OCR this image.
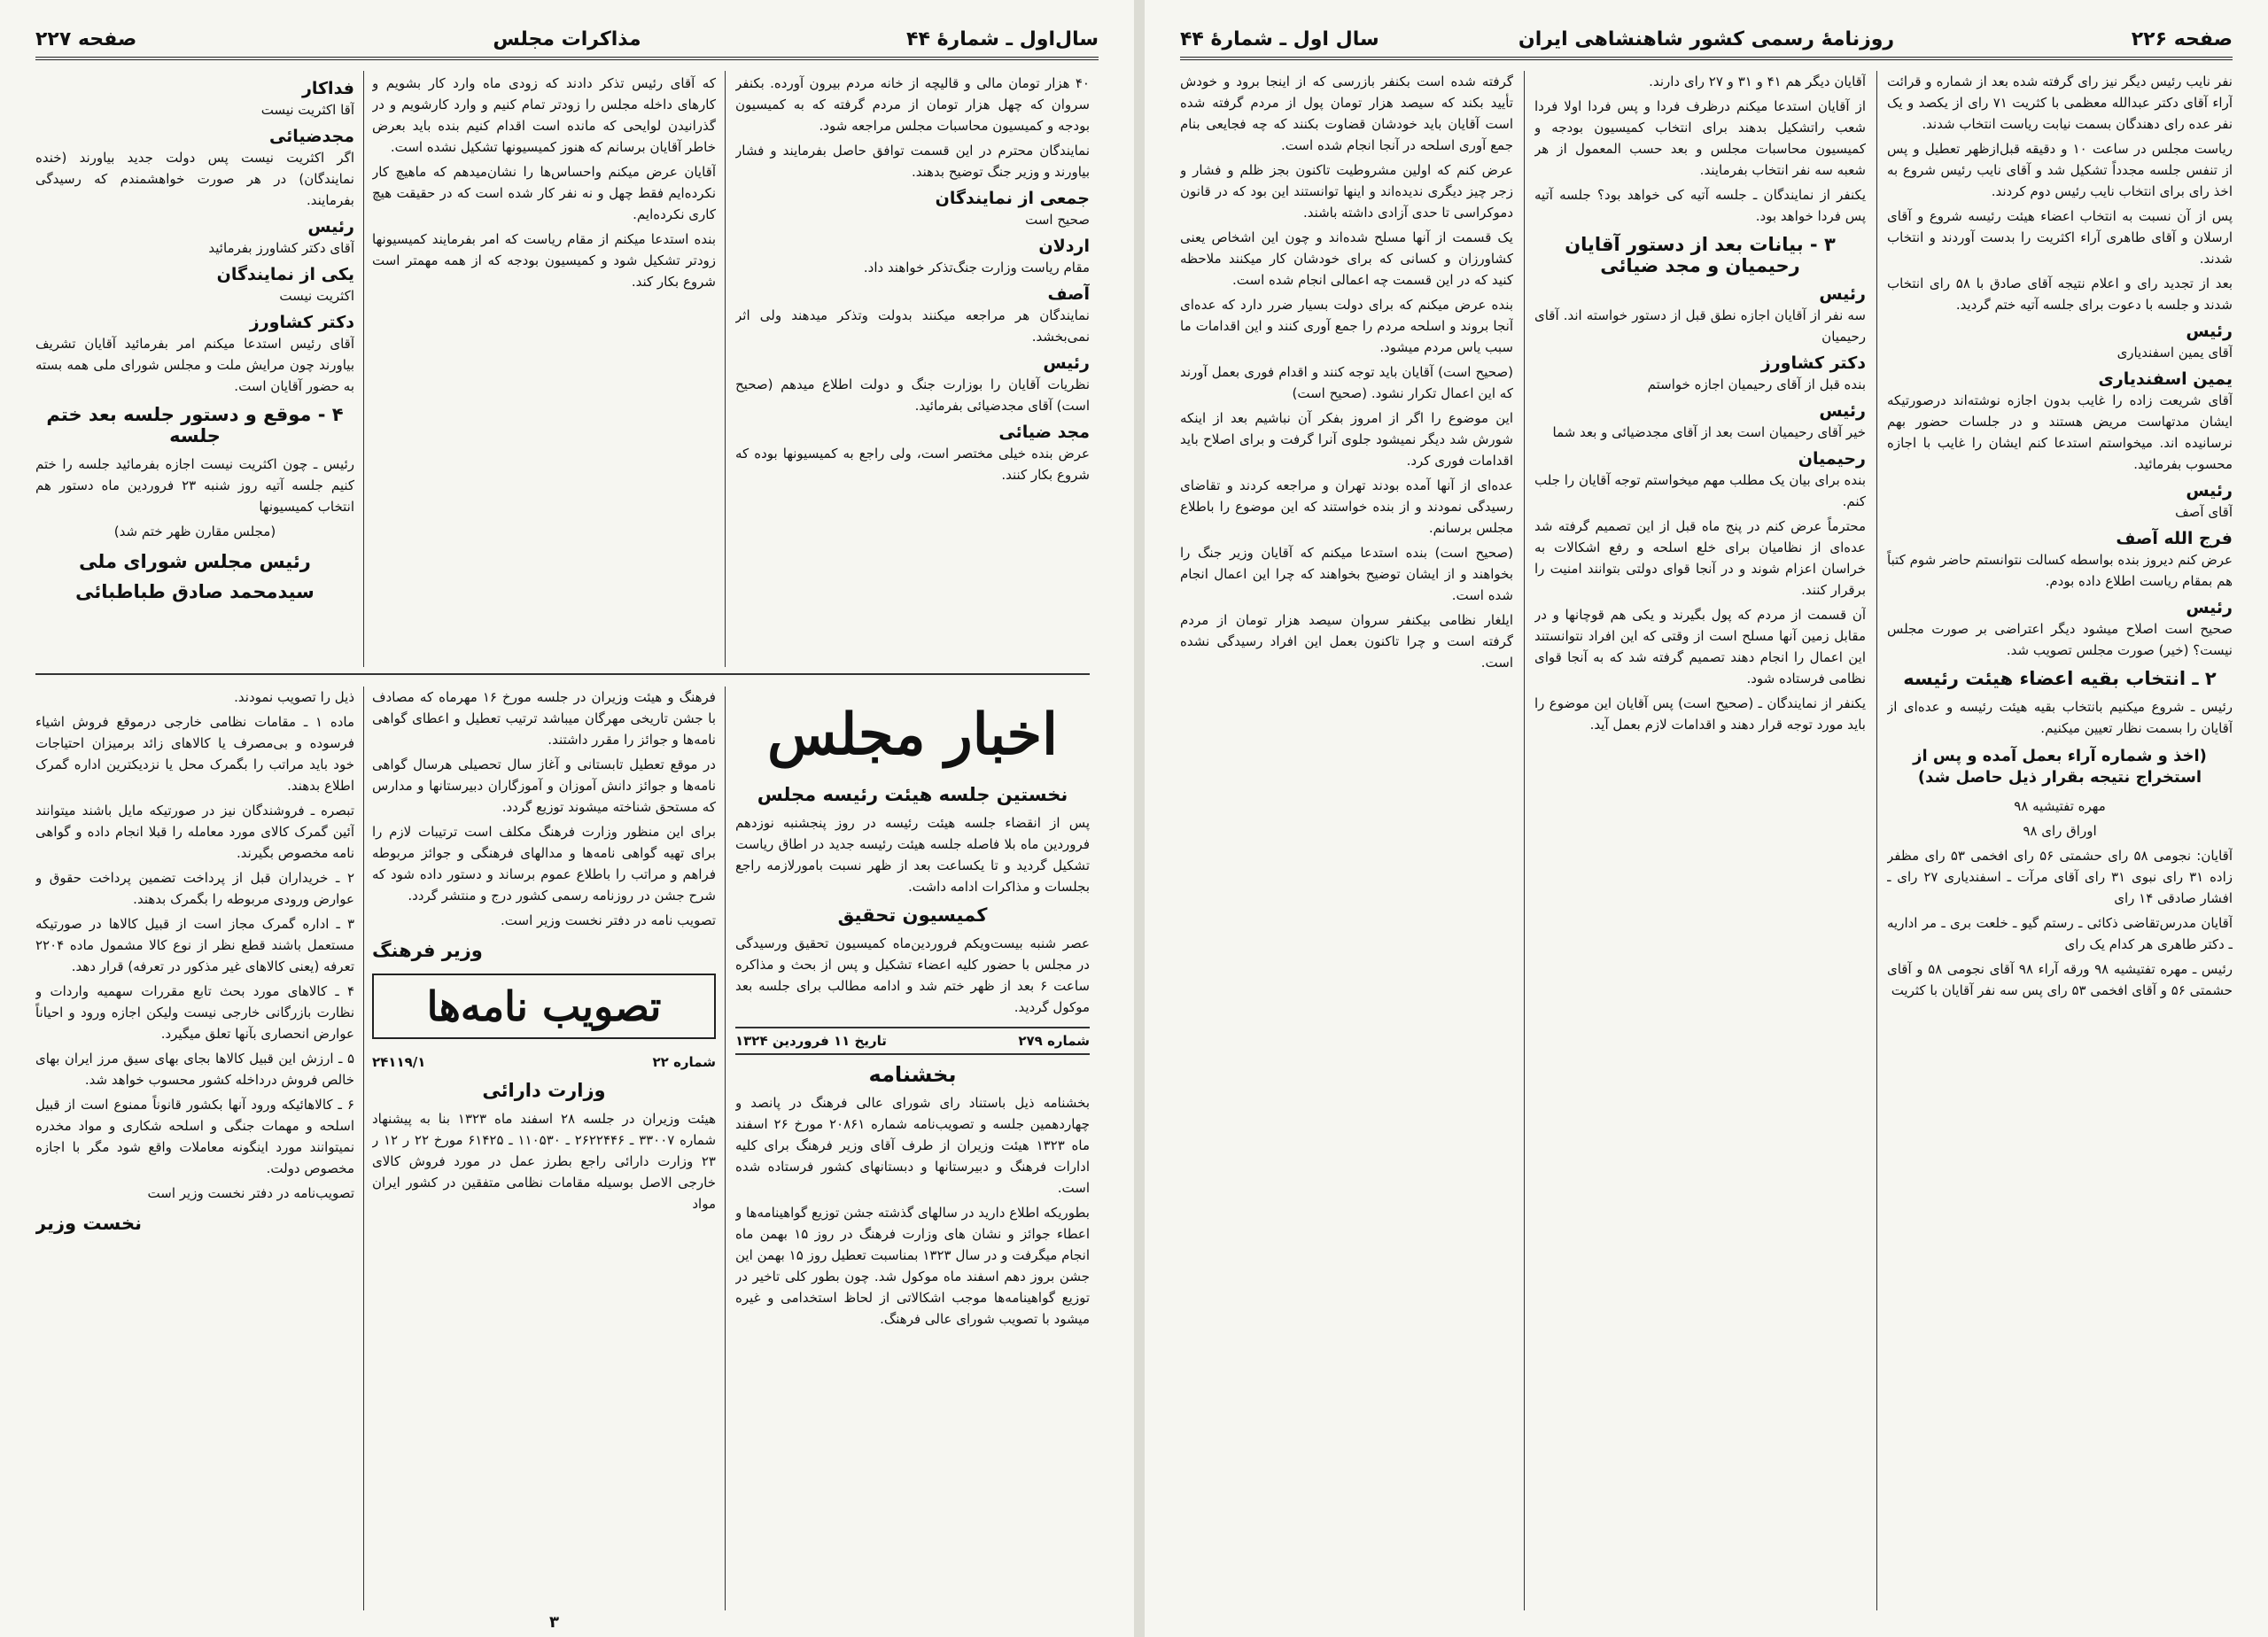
سال‌اول ـ شمارهٔ ۴۴
مذاکرات مجلس
صفحه ۲۲۷

۴۰ هزار تومان مالی و قالیچه از خانه مردم بیرون آورده. بکنفر سروان که چهل هزار تومان از مردم گرفته که به کمیسیون بودجه و کمیسیون محاسبات مجلس مراجعه شود.

نمایندگان محترم در این قسمت توافق حاصل بفرمایند و فشار بیاورند و وزیر جنگ توضیح بدهند.

جمعی از نمایندگان

صحیح است

اردلان

مقام ریاست وزارت جنگ‌تذکر خواهند داد.

آصف

نمایندگان هر مراجعه میکنند بدولت وتذکر میدهند ولی اثر نمی‌بخشد.

رئیس

نظریات آقایان را بوزارت جنگ و دولت اطلاع میدهم (صحیح است) آقای مجدضیائی بفرمائید.

مجد ضیائی

عرض بنده خیلی مختصر است، ولی راجع به کمیسیونها بوده که شروع بکار کنند.

که آقای رئیس تذکر دادند که زودی ماه وارد کار بشویم و کارهای داخله مجلس را زودتر تمام کنیم و وارد کارشویم و در گذرانیدن لوایحی که مانده است اقدام کنیم بنده باید بعرض خاطر آقایان برسانم که هنوز کمیسیونها تشکیل نشده است.

آقایان عرض میکنم واحساس‌ها را نشان‌میدهم که ماهیچ کار نکرده‌ایم فقط چهل و نه نفر کار شده است که در حقیقت هیچ کاری نکرده‌ایم.

بنده استدعا میکنم از مقام ریاست که امر بفرمایند کمیسیونها زودتر تشکیل شود و کمیسیون بودجه که از همه مهمتر است شروع بکار کند.

فداکار

آقا اکثریت نیست

مجدضیائی

اگر اکثریت نیست پس دولت جدید بیاورند (خنده نمایندگان) در هر صورت خواهشمندم که رسیدگی بفرمایند.

رئیس

آقای دکتر کشاورز بفرمائید

یکی از نمایندگان

اکثریت نیست

دکتر کشاورز

آقای رئیس استدعا میکنم امر بفرمائید آقایان تشریف بیاورند چون مرایش ملت و مجلس شورای ملی همه بسته به حضور آقایان است.

۴ - موقع و دستور جلسه بعد ختم جلسه

رئیس ـ چون اکثریت نیست اجازه بفرمائید جلسه را ختم کنیم جلسه آتیه روز شنبه ۲۳ فروردین ماه دستور هم انتخاب کمیسیونها

(مجلس مقارن ظهر ختم شد)

رئیس مجلس شورای ملی
سیدمحمد صادق طباطبائی
اخبار مجلس
نخستین جلسه هیئت رئیسه مجلس

پس از انقضاء جلسه هیئت رئیسه در روز پنجشنبه نوزدهم فروردین ماه بلا فاصله جلسه هیئت رئیسه جدید در اطاق ریاست تشکیل گردید و تا یکساعت بعد از ظهر نسبت بامورلازمه راجع بجلسات و مذاکرات ادامه داشت.

کمیسیون تحقیق

عصر شنبه بیست‌ویکم فروردین‌ماه کمیسیون تحقیق ورسیدگی در مجلس با حضور کلیه اعضاء تشکیل و پس از بحث و مذاکره ساعت ۶ بعد از ظهر ختم شد و ادامه مطالب برای جلسه بعد موکول گردید.

شماره ۲۷۹
تاریخ ۱۱ فروردین ۱۳۲۴
بخشنامه

بخشنامه ذیل باستناد رای شورای عالی فرهنگ در پانصد و چهاردهمین جلسه و تصویب‌نامه شماره ۲۰۸۶۱ مورخ ۲۶ اسفند ماه ۱۳۲۳ هیئت وزیران از طرف آقای وزیر فرهنگ برای کلیه ادارات فرهنگ و دبیرستانها و دبستانهای کشور فرستاده شده است.

بطوریکه اطلاع دارید در سالهای گذشته جشن توزیع گواهینامه‌ها و اعطاء جوائز و نشان های وزارت فرهنگ در روز ۱۵ بهمن ماه انجام میگرفت و در سال ۱۳۲۳ بمناسبت تعطیل روز ۱۵ بهمن این جشن بروز دهم اسفند ماه موکول شد. چون بطور کلی تاخیر در توزیع گواهینامه‌ها موجب اشکالاتی از لحاظ استخدامی و غیره میشود با تصویب شورای عالی فرهنگ.

فرهنگ و هیئت وزیران در جلسه مورخ ۱۶ مهرماه که مصادف با جشن تاریخی مهرگان میباشد ترتیب تعطیل و اعطای گواهی نامه‌ها و جوائز را مقرر داشتند.

در موقع تعطیل تابستانی و آغاز سال تحصیلی هرسال گواهی نامه‌ها و جوائز دانش آموزان و آموزگاران دبیرستانها و مدارس که مستحق شناخته میشوند توزیع گردد.

برای این منظور وزارت فرهنگ مکلف است ترتیبات لازم را برای تهیه گواهی نامه‌ها و مدالهای فرهنگی و جوائز مربوطه فراهم و مراتب را باطلاع عموم برساند و دستور داده شود که شرح جشن در روزنامه رسمی کشور درج و منتشر گردد.

تصویب نامه در دفتر نخست وزیر است.

وزیر فرهنگ
تصویب نامه‌ها
شماره ۲۲
۲۴۱۱۹/۱
وزارت دارائی

هیئت وزیران در جلسه ۲۸ اسفند ماه ۱۳۲۳ بنا به پیشنهاد شماره ۳۳۰۰۷ ـ ۲۶۲۲۴۴۶ ـ ۱۱۰۵۳۰ ـ ۶۱۴۲۵ مورخ ۲۲ ر ۱۲ ر ۲۳ وزارت دارائی راجع بطرز عمل در مورد فروش کالای خارجی الاصل بوسیله مقامات نظامی متفقین در کشور ایران مواد

ذیل را تصویب نمودند.

ماده ۱ ـ مقامات نظامی خارجی درموقع فروش اشیاء فرسوده و بی‌مصرف یا کالاهای زائد برمیزان احتیاجات خود باید مراتب را بگمرک محل یا نزدیکترین اداره گمرک اطلاع بدهند.

تبصره ـ فروشندگان نیز در صورتیکه مایل باشند میتوانند آئین گمرک کالای مورد معامله را قبلا انجام داده و گواهی نامه مخصوص بگیرند.

۲ ـ خریداران قبل از پرداخت تضمین پرداخت حقوق و عوارض ورودی مربوطه را بگمرک بدهند.

۳ ـ اداره گمرک مجاز است از قبیل کالاها در صورتیکه مستعمل باشند قطع نظر از نوع کالا مشمول ماده ۲۲۰۴ تعرفه (یعنی کالاهای غیر مذکور در تعرفه) قرار دهد.

۴ ـ کالاهای مورد بحث تابع مقررات سهمیه واردات و نظارت بازرگانی خارجی نیست ولیکن اجازه ورود و احیاناً عوارض انحصاری بآنها تعلق میگیرد.

۵ ـ ارزش این قبیل کالاها بجای بهای سیق مرز ایران بهای خالص فروش درداخله کشور محسوب خواهد شد.

۶ ـ کالاهائیکه ورود آنها بکشور قانوناً ممنوع است از قبیل اسلحه و مهمات جنگی و اسلحه شکاری و مواد مخدره نمیتوانند مورد اینگونه معاملات واقع شود مگر با اجازه مخصوص دولت.

تصویب‌نامه در دفتر نخست وزیر است

نخست وزیر
۳
صفحه ۲۲۶
روزنامهٔ رسمی کشور شاهنشاهی ایران
سال اول ـ شمارهٔ ۴۴

نفر نایب رئیس دیگر نیز رای گرفته شده بعد از شماره و قرائت آراء آقای دکتر عبدالله معظمی با کثریت ۷۱ رای از یکصد و یک نفر عده رای دهندگان بسمت نیابت ریاست انتخاب شدند.

ریاست مجلس در ساعت ۱۰ و دقیقه قبل‌ازظهر تعطیل و پس از تنفس جلسه مجدداً تشکیل شد و آقای نایب رئیس شروع به اخذ رای برای انتخاب نایب رئیس دوم کردند.

پس از آن نسبت به انتخاب اعضاء هیئت رئیسه شروع و آقای ارسلان و آقای طاهری آراء اکثریت را بدست آوردند و انتخاب شدند.

بعد از تجدید رای و اعلام نتیجه آقای صادق با ۵۸ رای انتخاب شدند و جلسه با دعوت برای جلسه آتیه ختم گردید.

رئیس

آقای یمین اسفندیاری

یمین اسفندیاری

آقای شریعت زاده را غایب بدون اجازه نوشته‌اند درصورتیکه ایشان مدتهاست مریض هستند و در جلسات حضور بهم نرسانیده اند. میخواستم استدعا کنم ایشان را غایب با اجازه محسوب بفرمائید.

رئیس

آقای آصف

فرج الله آصف

عرض کنم دیروز بنده بواسطه کسالت نتوانستم حاضر شوم کتباً هم بمقام ریاست اطلاع داده بودم.

رئیس

صحیح است اصلاح میشود دیگر اعتراضی بر صورت مجلس نیست؟ (خیر) صورت مجلس تصویب شد.

۲ ـ انتخاب بقیه اعضاء هیئت رئیسه

رئیس ـ شروع میکنیم بانتخاب بقیه هیئت رئیسه و عده‌ای از آقایان را بسمت نظار تعیین میکنیم.

(اخذ و شماره آراء بعمل آمده و پس از استخراج نتیجه بقرار ذیل حاصل شد)

مهره تفتیشیه ۹۸

اوراق رای ۹۸

آقایان: نجومی ۵۸ رای حشمتی ۵۶ رای افخمی ۵۳ رای مظفر زاده ۳۱ رای نبوی ۳۱ رای آقای مرآت ـ اسفندیاری ۲۷ رای ـ افشار صادقی ۱۴ رای

آقایان مدرس‌تقاضی ذکائی ـ رستم گیو ـ خلعت بری ـ مر اداریه ـ دکتر طاهری هر کدام یک رای

رئیس ـ مهره تفتیشیه ۹۸ ورقه آراء ۹۸ آقای نجومی ۵۸ و آقای حشمتی ۵۶ و آقای افخمی ۵۳ رای پس سه نفر آقایان با کثریت

آقایان دیگر هم ۴۱ و ۳۱ و ۲۷ رای دارند.

از آقایان استدعا میکنم درظرف فردا و پس فردا اولا فردا شعب راتشکیل بدهند برای انتخاب کمیسیون بودجه و کمیسیون محاسبات مجلس و بعد حسب المعمول از هر شعبه سه نفر انتخاب بفرمایند.

یکنفر از نمایندگان ـ جلسه آتیه کی خواهد بود؟ جلسه آتیه پس فردا خواهد بود.

۳ - بیانات بعد از دستور آقایان رحیمیان و مجد ضیائی
رئیس

سه نفر از آقایان اجازه نطق قبل از دستور خواسته اند. آقای رحیمیان

دکتر کشاورز

بنده قبل از آقای رحیمیان اجازه خواستم

رئیس

خیر آقای رحیمیان است بعد از آقای مجدضیائی و بعد شما

رحیمیان

بنده برای بیان یک مطلب مهم میخواستم توجه آقایان را جلب کنم.

محترماً عرض کنم در پنج ماه قبل از این تصمیم گرفته شد عده‌ای از نظامیان برای خلع اسلحه و رفع اشکالات به خراسان اعزام شوند و در آنجا قوای دولتی بتوانند امنیت را برقرار کنند.

آن قسمت از مردم که پول بگیرند و یکی هم قوچانها و در مقابل زمین آنها مسلح است از وقتی که این افراد نتوانستند این اعمال را انجام دهند تصمیم گرفته شد که به آنجا قوای نظامی فرستاده شود.

یکنفر از نمایندگان ـ (صحیح است) پس آقایان این موضوع را باید مورد توجه قرار دهند و اقدامات لازم بعمل آید.

گرفته شده است بکنفر بازرسی که از اینجا برود و خودش تأیید بکند که سیصد هزار تومان پول از مردم گرفته شده است آقایان باید خودشان قضاوت بکنند که چه فجایعی بنام جمع آوری اسلحه در آنجا انجام شده است.

عرض کنم که اولین مشروطیت تاکنون بجز ظلم و فشار و زجر چیز دیگری ندیده‌اند و اینها توانستند این بود که در قانون دموکراسی تا حدی آزادی داشته باشند.

یک قسمت از آنها مسلح شده‌اند و چون این اشخاص یعنی کشاورزان و کسانی که برای خودشان کار میکنند ملاحظه کنید که در این قسمت چه اعمالی انجام شده است.

بنده عرض میکنم که برای دولت بسیار ضرر دارد که عده‌ای آنجا بروند و اسلحه مردم را جمع آوری کنند و این اقدامات ما سبب یاس مردم میشود.

(صحیح است) آقایان باید توجه کنند و اقدام فوری بعمل آورند که این اعمال تکرار نشود. (صحیح است)

این موضوع را اگر از امروز بفکر آن نباشیم بعد از اینکه شورش شد دیگر نمیشود جلوی آنرا گرفت و برای اصلاح باید اقدامات فوری کرد.

عده‌ای از آنها آمده بودند تهران و مراجعه کردند و تقاضای رسیدگی نمودند و از بنده خواستند که این موضوع را باطلاع مجلس برسانم.

(صحیح است) بنده استدعا میکنم که آقایان وزیر جنگ را بخواهند و از ایشان توضیح بخواهند که چرا این اعمال انجام شده است.

ایلغار نظامی بیکنفر سروان سیصد هزار تومان از مردم گرفته است و چرا تاکنون بعمل این افراد رسیدگی نشده است.
